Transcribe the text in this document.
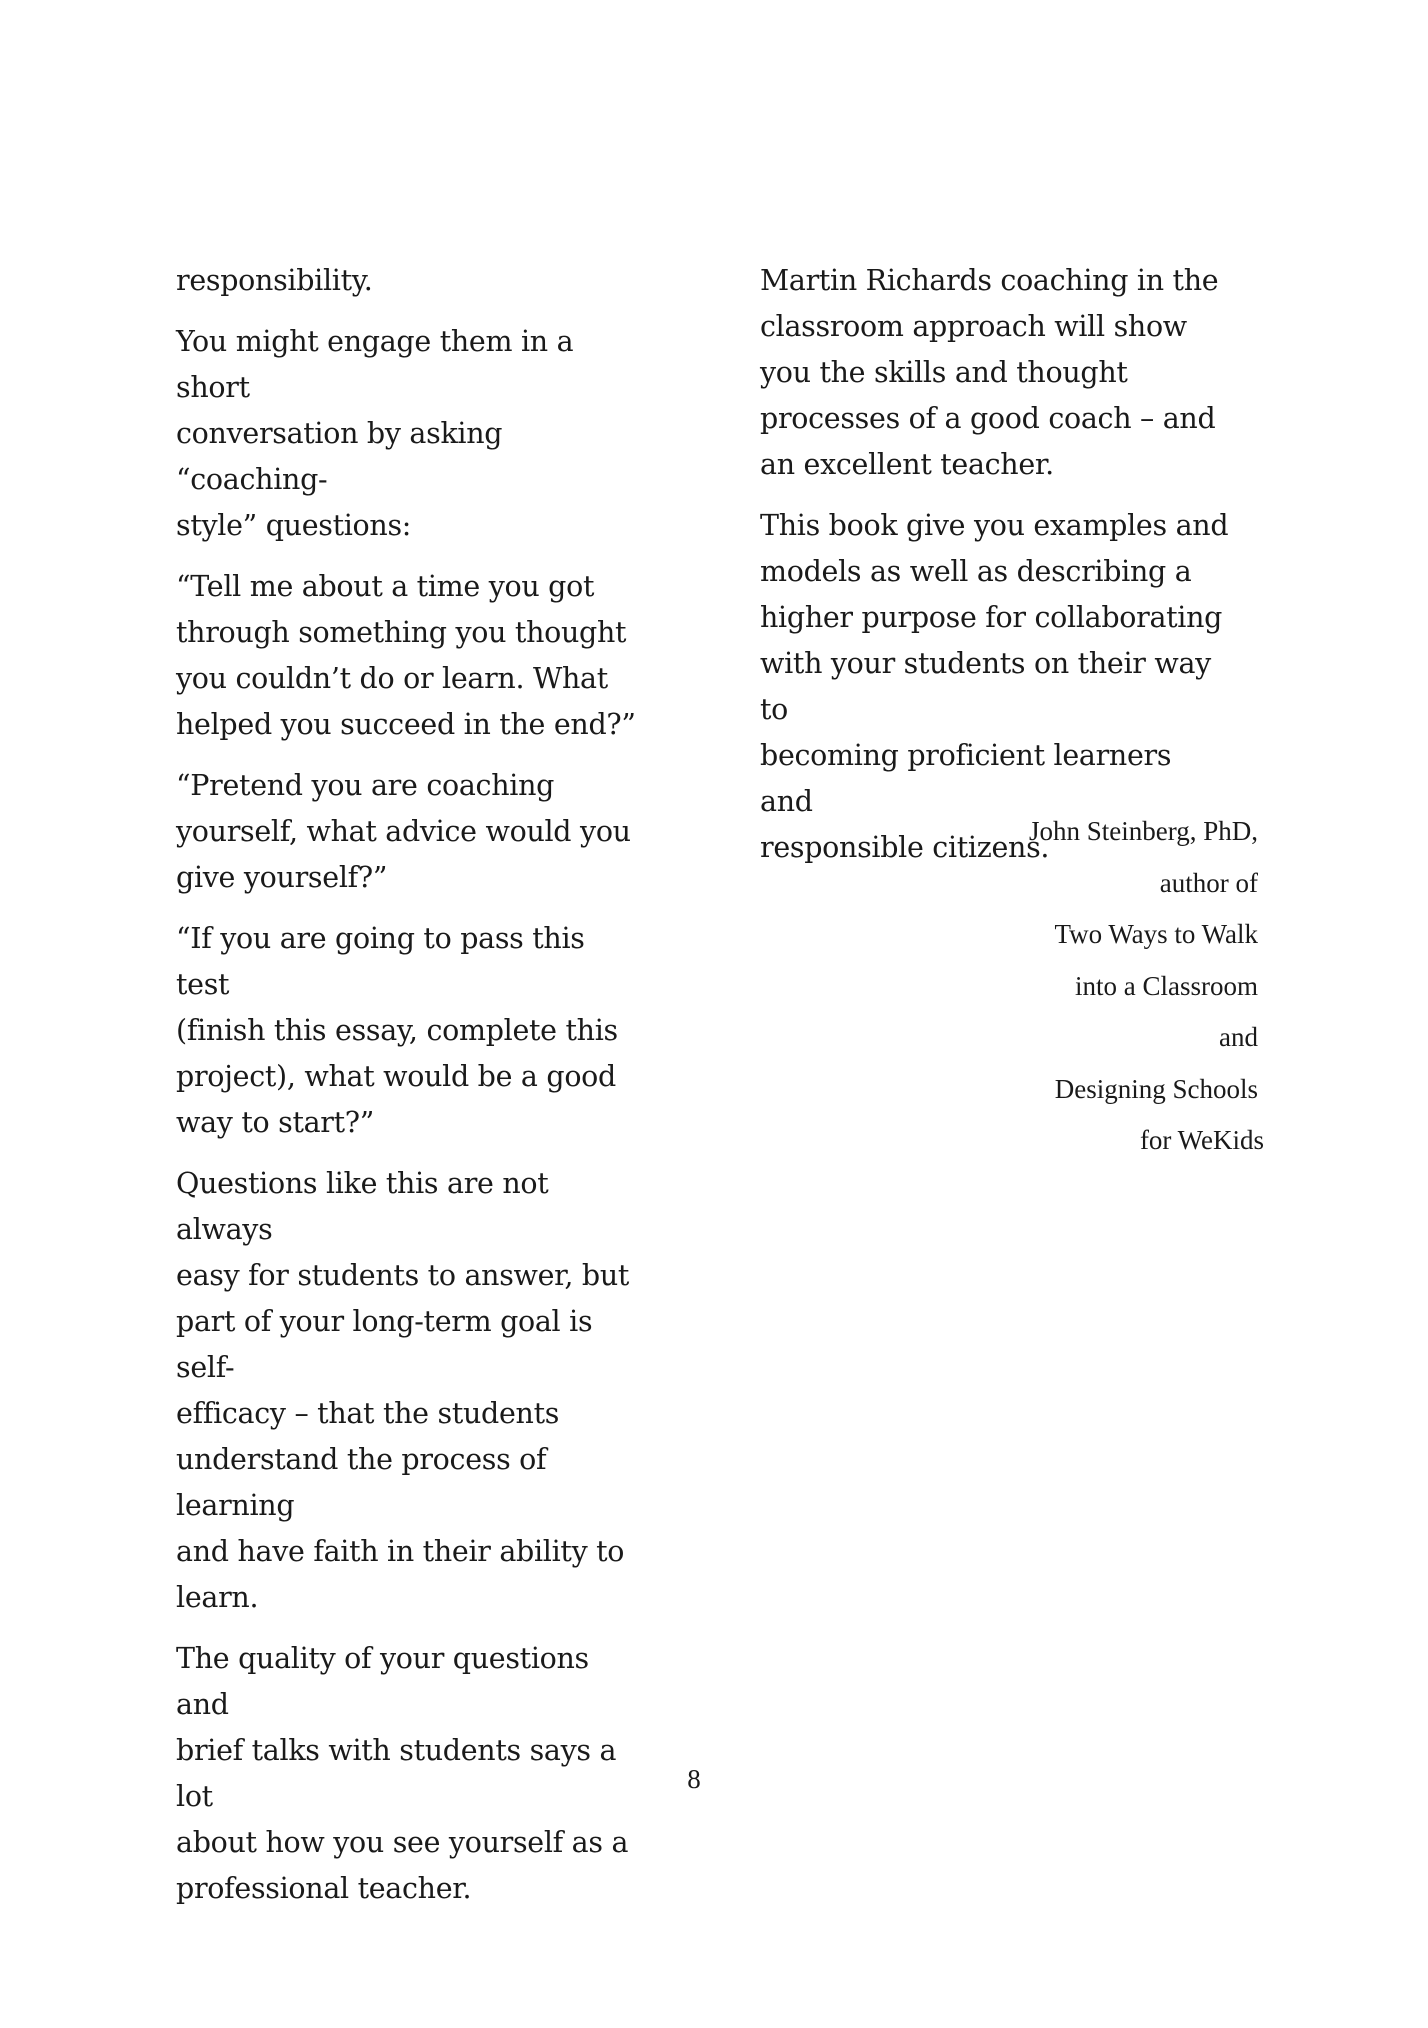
responsibility.

You might engage them in a short
conversation by asking “coaching-
style” questions:

“Tell me about a time you got
through something you thought
you couldn’t do or learn. What
helped you succeed in the end?”

“Pretend you are coaching
yourself, what advice would you
give yourself?”

“If you are going to pass this test
(finish this essay, complete this
project), what would be a good
way to start?”

Questions like this are not always
easy for students to answer, but
part of your long-term goal is self-
efficacy – that the students
understand the process of learning
and have faith in their ability to
learn.

The quality of your questions and
brief talks with students says a lot
about how you see yourself as a
professional teacher.

Martin Richards coaching in the
classroom approach will show
you the skills and thought
processes of a good coach – and
an excellent teacher.

This book give you examples and
models as well as describing a
higher purpose for collaborating
with your students on their way to
becoming proficient learners and
responsible citizens.

John Steinberg, PhD,
author of
Two Ways to Walk
into a Classroom
and
Designing Schools
for WeKids
8
